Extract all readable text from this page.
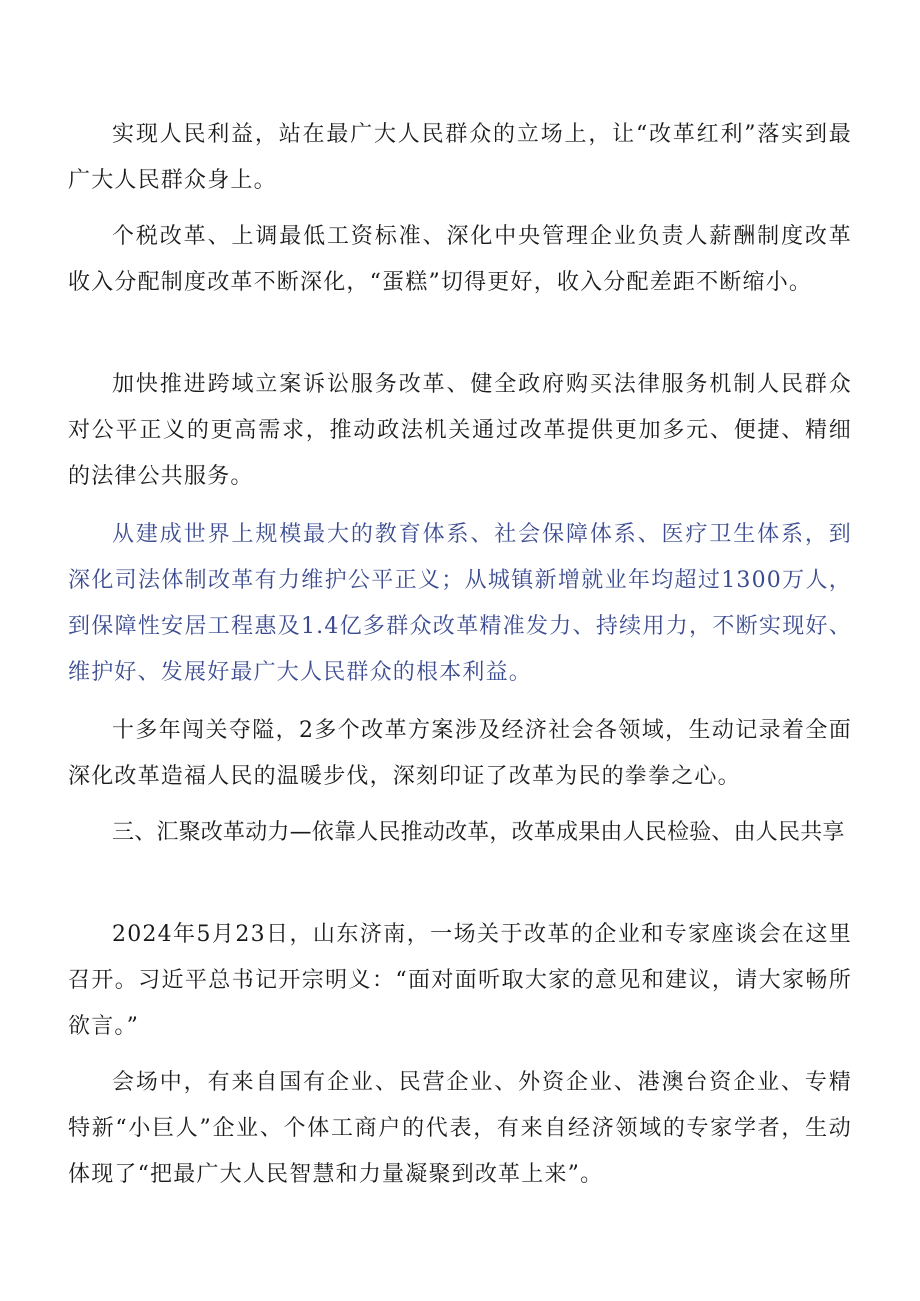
实现人民利益，站在最广大人民群众的立场上，让“改革红利”落实到最广大人民群众身上。

个税改革、上调最低工资标准、深化中央管理企业负责人薪酬制度改革收入分配制度改革不断深化，“蛋糕”切得更好，收入分配差距不断缩小。

加快推进跨域立案诉讼服务改革、健全政府购买法律服务机制人民群众对公平正义的更高需求，推动政法机关通过改革提供更加多元、便捷、精细的法律公共服务。

从建成世界上规模最大的教育体系、社会保障体系、医疗卫生体系，到深化司法体制改革有力维护公平正义；从城镇新增就业年均超过1300万人，到保障性安居工程惠及1.4亿多群众改革精准发力、持续用力，不断实现好、维护好、发展好最广大人民群众的根本利益。

十多年闯关夺隘，2多个改革方案涉及经济社会各领域，生动记录着全面深化改革造福人民的温暖步伐，深刻印证了改革为民的拳拳之心。

三、汇聚改革动力—依靠人民推动改革，改革成果由人民检验、由人民共享

2024年5月23日，山东济南，一场关于改革的企业和专家座谈会在这里召开。习近平总书记开宗明义：“面对面听取大家的意见和建议，请大家畅所欲言。”

会场中，有来自国有企业、民营企业、外资企业、港澳台资企业、专精特新“小巨人”企业、个体工商户的代表，有来自经济领域的专家学者，生动体现了“把最广大人民智慧和力量凝聚到改革上来”。
